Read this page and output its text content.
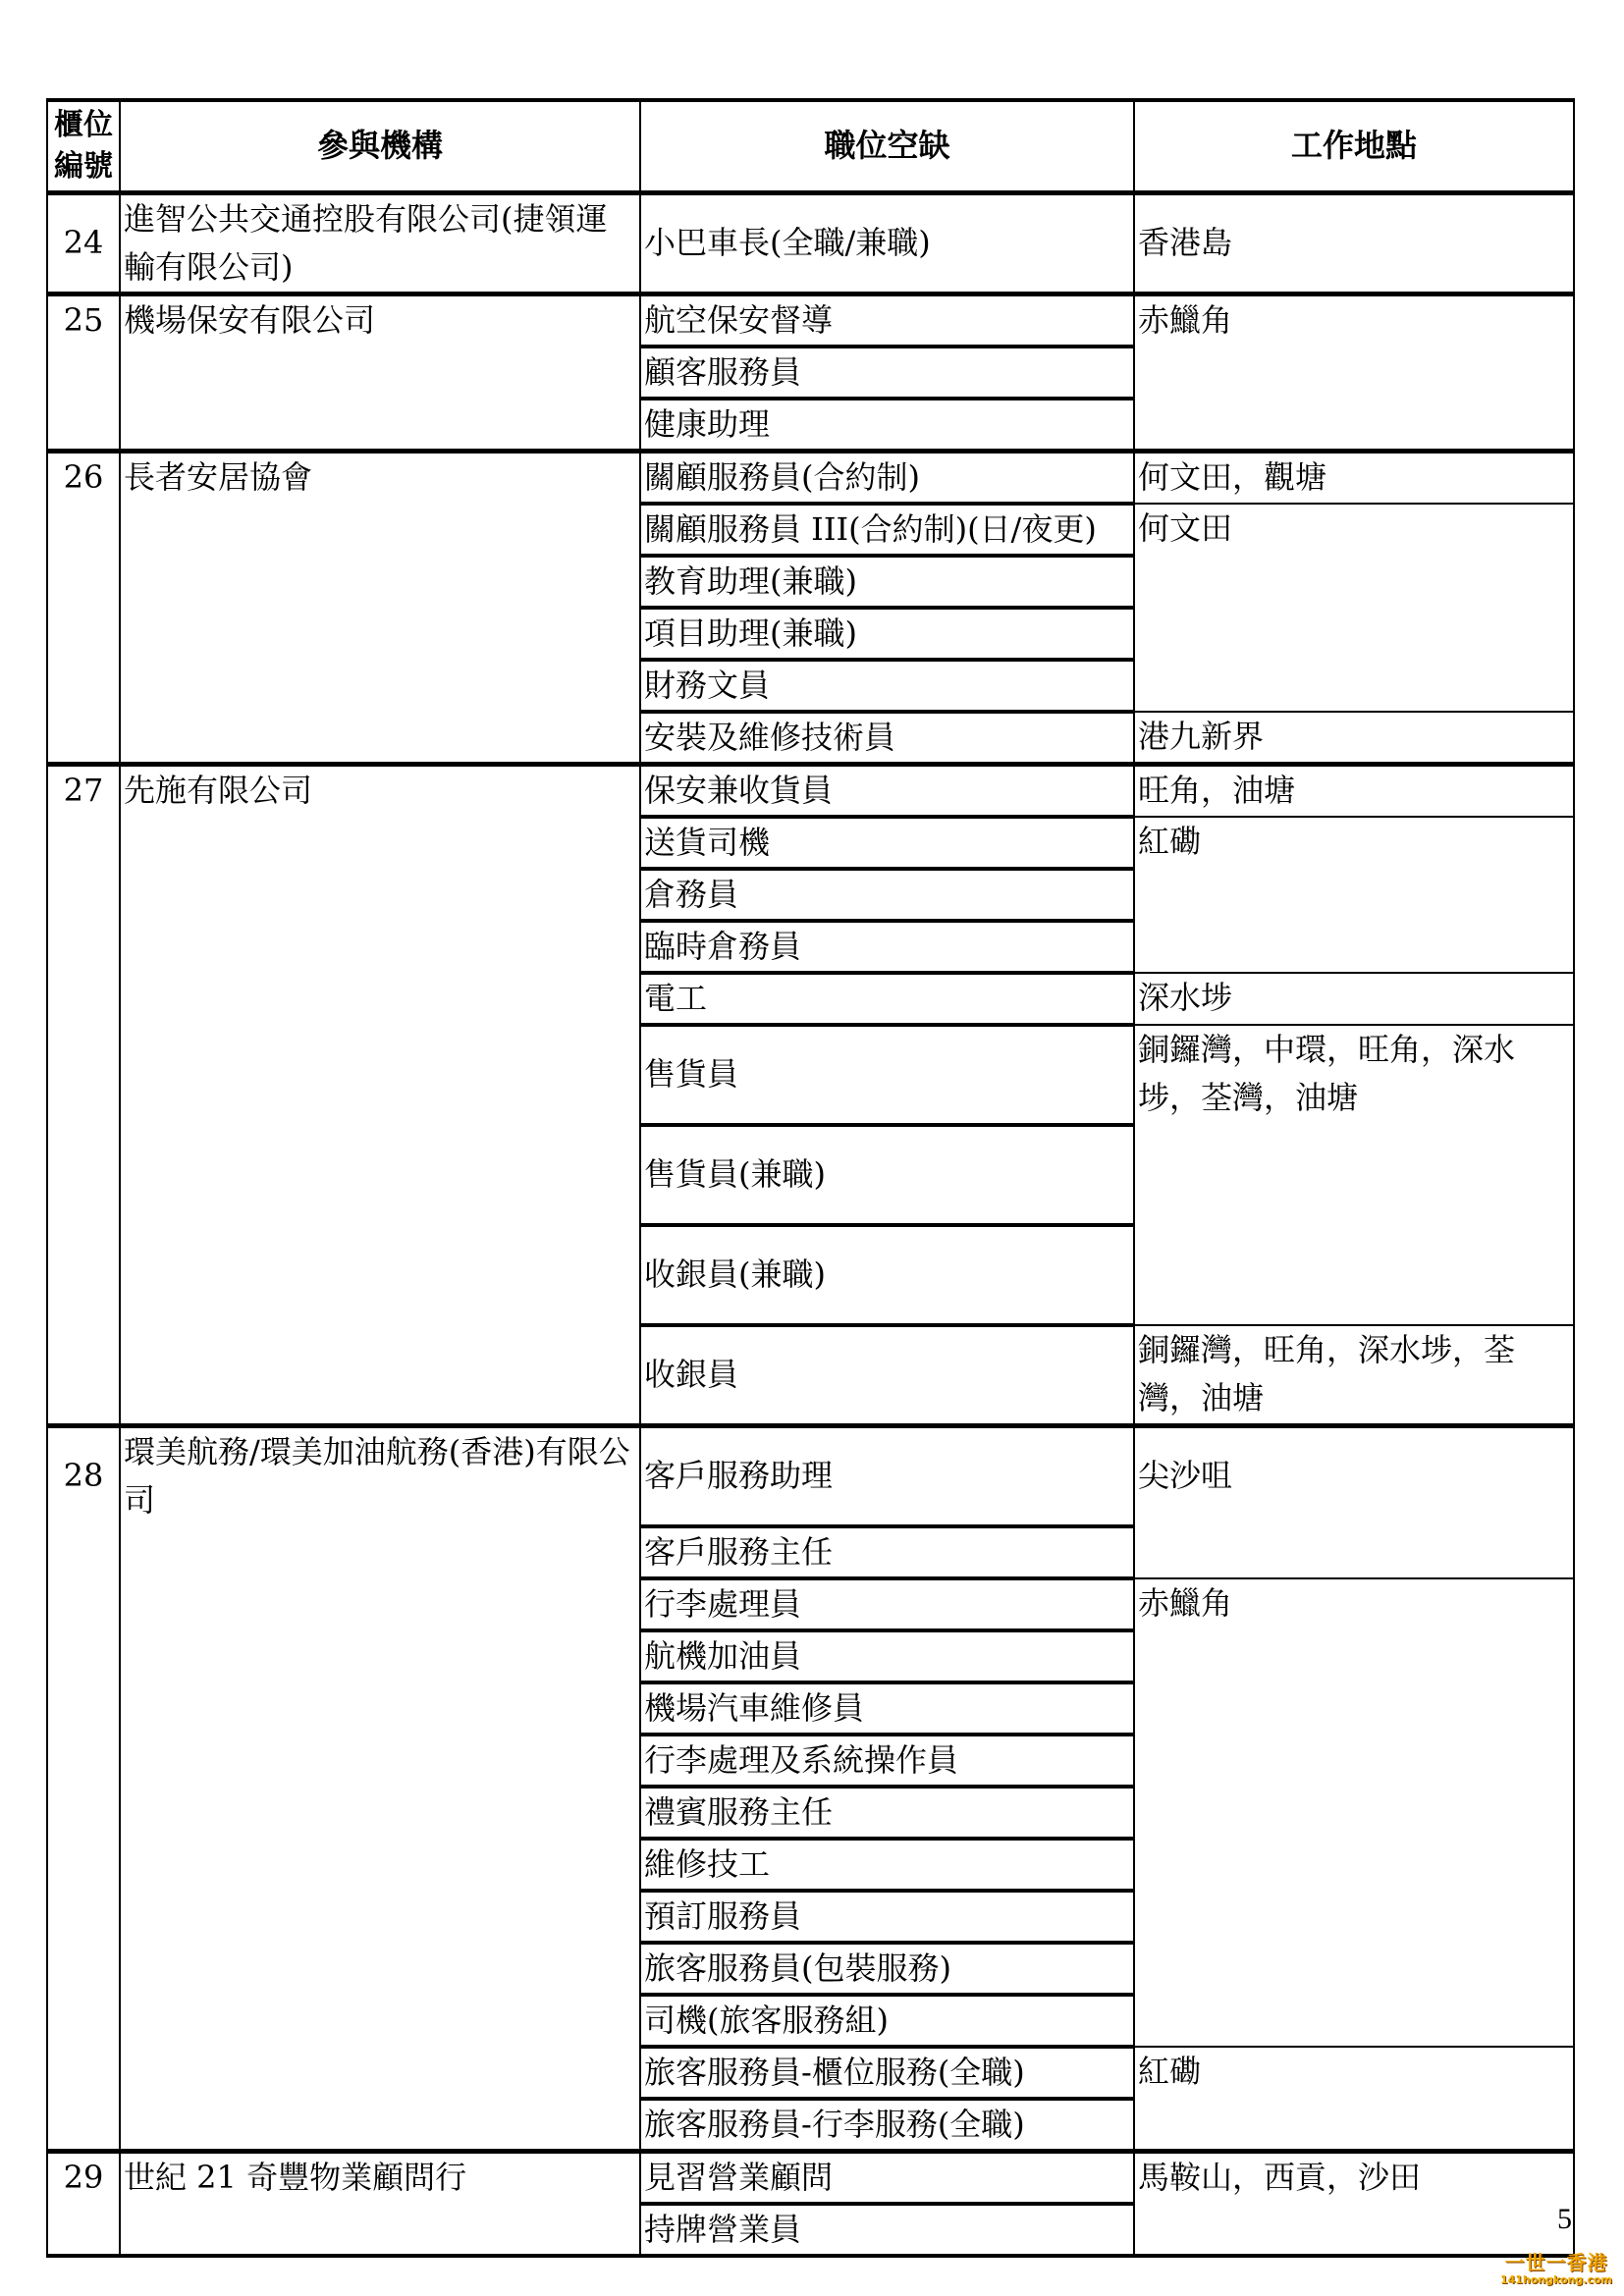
櫃位
編號	參與機構	職位空缺	工作地點
24	進智公共交通控股有限公司(捷領運輸有限公司)	小巴車長(全職/兼職)	香港島
25	機場保安有限公司	航空保安督導	赤鱲角
		顧客服務員	
		健康助理	
26	長者安居協會	關顧服務員(合約制)	何文田，觀塘
		關顧服務員 III(合約制)(日/夜更)	何文田
		教育助理(兼職)	
		項目助理(兼職)	
		財務文員	
		安裝及維修技術員	港九新界
27	先施有限公司	保安兼收貨員	旺角，油塘
		送貨司機	紅磡
		倉務員	
		臨時倉務員	
		電工	深水埗
		售貨員	銅鑼灣，中環，旺角，深水埗，荃灣，油塘
		售貨員(兼職)	
		收銀員(兼職)	
		收銀員	銅鑼灣，旺角，深水埗，荃灣，油塘
28	環美航務/環美加油航務(香港)有限公司	客戶服務助理	尖沙咀
		客戶服務主任	
		行李處理員	赤鱲角
		航機加油員	
		機場汽車維修員	
		行李處理及系統操作員	
		禮賓服務主任	
		維修技工	
		預訂服務員	
		旅客服務員(包裝服務)	
		司機(旅客服務組)	
		旅客服務員-櫃位服務(全職)	紅磡
		旅客服務員-行李服務(全職)	
29	世紀 21 奇豐物業顧問行	見習營業顧問	馬鞍山，西貢，沙田
		持牌營業員		5
一世一香港
141hongkong.com
